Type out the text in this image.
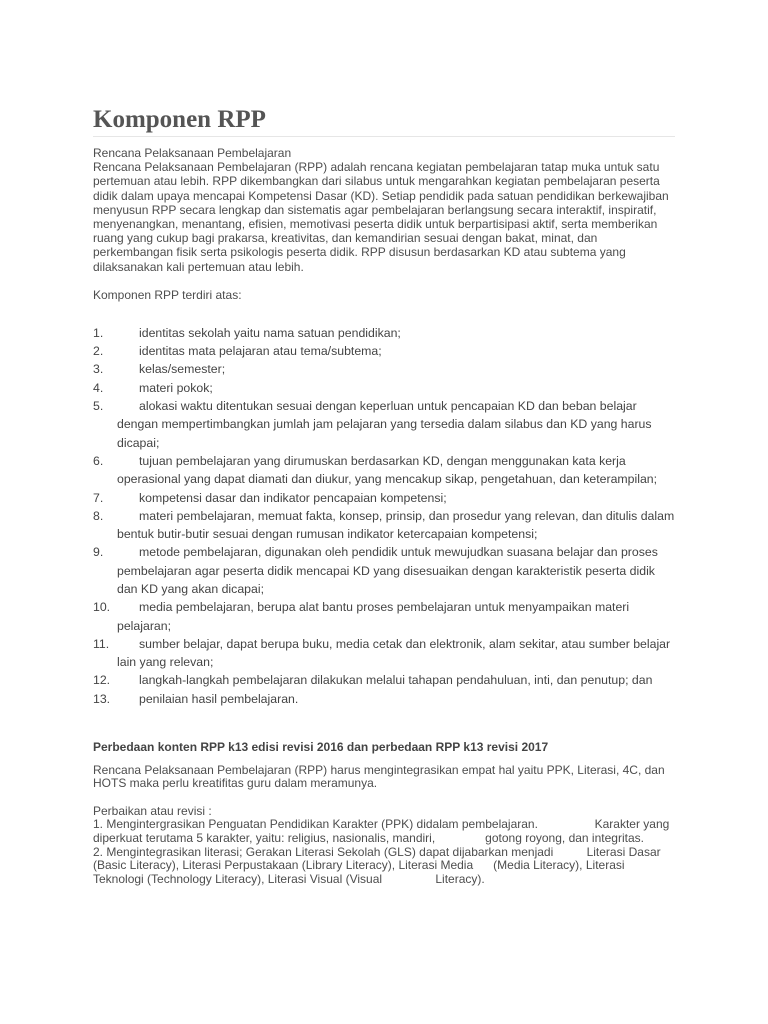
Komponen RPP

Rencana Pelaksanaan Pembelajaran

Rencana Pelaksanaan Pembelajaran (RPP) adalah rencana kegiatan pembelajaran tatap muka untuk satu pertemuan atau lebih. RPP dikembangkan dari silabus untuk mengarahkan kegiatan pembelajaran peserta didik dalam upaya mencapai Kompetensi Dasar (KD). Setiap pendidik pada satuan pendidikan berkewajiban menyusun RPP secara lengkap dan sistematis agar pembelajaran berlangsung secara interaktif, inspiratif, menyenangkan, menantang, efisien, memotivasi peserta didik untuk berpartisipasi aktif, serta memberikan ruang yang cukup bagi prakarsa, kreativitas, dan kemandirian sesuai dengan bakat, minat, dan perkembangan fisik serta psikologis peserta didik. RPP disusun berdasarkan KD atau subtema yang dilaksanakan kali pertemuan atau lebih.

Komponen RPP terdiri atas:
1.	identitas sekolah yaitu nama satuan pendidikan;
2.	identitas mata pelajaran atau tema/subtema;
3.	kelas/semester;
4.	materi pokok;
5.	alokasi waktu ditentukan sesuai dengan keperluan untuk pencapaian KD dan beban belajar dengan mempertimbangkan jumlah jam pelajaran yang tersedia dalam silabus dan KD yang harus dicapai;
6.	tujuan pembelajaran yang dirumuskan berdasarkan KD, dengan menggunakan kata kerja operasional yang dapat diamati dan diukur, yang mencakup sikap, pengetahuan, dan keterampilan;
7.	kompetensi dasar dan indikator pencapaian kompetensi;
8.	materi pembelajaran, memuat fakta, konsep, prinsip, dan prosedur yang relevan, dan ditulis dalam bentuk butir-butir sesuai dengan rumusan indikator ketercapaian kompetensi;
9.	metode pembelajaran, digunakan oleh pendidik untuk mewujudkan suasana belajar dan proses pembelajaran agar peserta didik mencapai KD yang disesuaikan dengan karakteristik peserta didik dan KD yang akan dicapai;
10. media pembelajaran, berupa alat bantu proses pembelajaran untuk menyampaikan materi pelajaran;
11. sumber belajar, dapat berupa buku, media cetak dan elektronik, alam sekitar, atau sumber belajar lain yang relevan;
12. langkah-langkah pembelajaran dilakukan melalui tahapan pendahuluan, inti, dan penutup; dan
13. penilaian hasil pembelajaran.
Perbedaan konten RPP k13 edisi revisi 2016 dan perbedaan RPP k13 revisi 2017
Rencana Pelaksanaan Pembelajaran (RPP) harus mengintegrasikan empat hal yaitu PPK, Literasi, 4C, dan HOTS maka perlu kreatifitas guru dalam meramunya.

Perbaikan atau revisi :

1. Mengintergrasikan Penguatan Pendidikan Karakter (PPK) didalam pembelajaran.                 Karakter yang diperkuat terutama 5 karakter, yaitu: religius, nasionalis, mandiri,               gotong royong, dan integritas.

2. Mengintegrasikan literasi; Gerakan Literasi Sekolah (GLS) dapat dijabarkan menjadi          Literasi Dasar (Basic Literacy), Literasi Perpustakaan (Library Literacy), Literasi Media      (Media Literacy), Literasi Teknologi (Technology Literacy), Literasi Visual (Visual                Literacy).
